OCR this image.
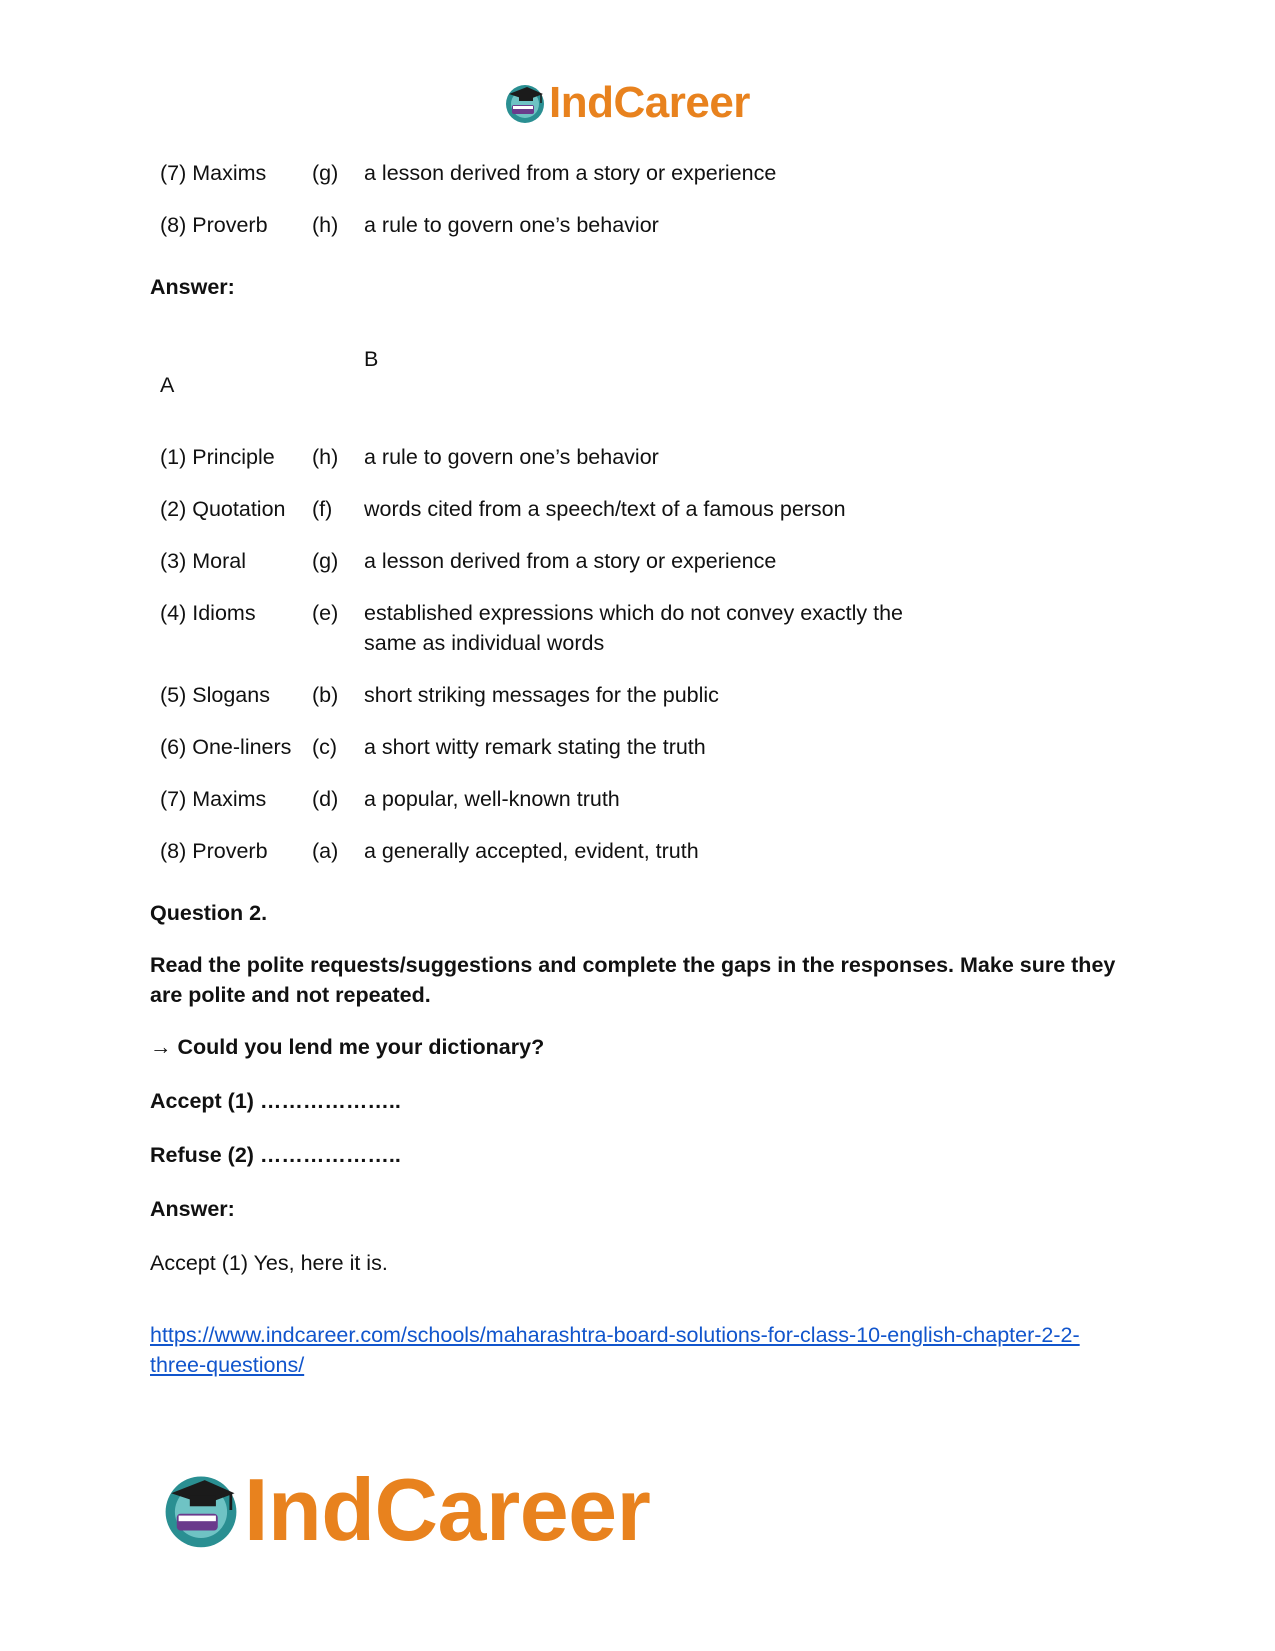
IndCareer
(7) Maxims	(g)	a lesson derived from a story or experience
(8) Proverb	(h)	a rule to govern one’s behavior

Answer:

A
B
(1) Principle	(h)	a rule to govern one’s behavior
(2) Quotation	(f)	words cited from a speech/text of a famous person
(3) Moral	(g)	a lesson derived from a story or experience
(4) Idioms	(e)	established expressions which do not convey exactly the same as individual words
(5) Slogans	(b)	short striking messages for the public
(6) One-liners	(c)	a short witty remark stating the truth
(7) Maxims	(d)	a popular, well-known truth
(8) Proverb	(a)	a generally accepted, evident, truth

Question 2.

Read the polite requests/suggestions and complete the gaps in the responses. Make sure they are polite and not repeated.

→ Could you lend me your dictionary?

Accept (1) ………………..

Refuse (2) ………………..

Answer:

Accept (1) Yes, here it is.

https://www.indcareer.com/schools/maharashtra-board-solutions-for-class-10-english-chapter-2-2-three-questions/
IndCareer
